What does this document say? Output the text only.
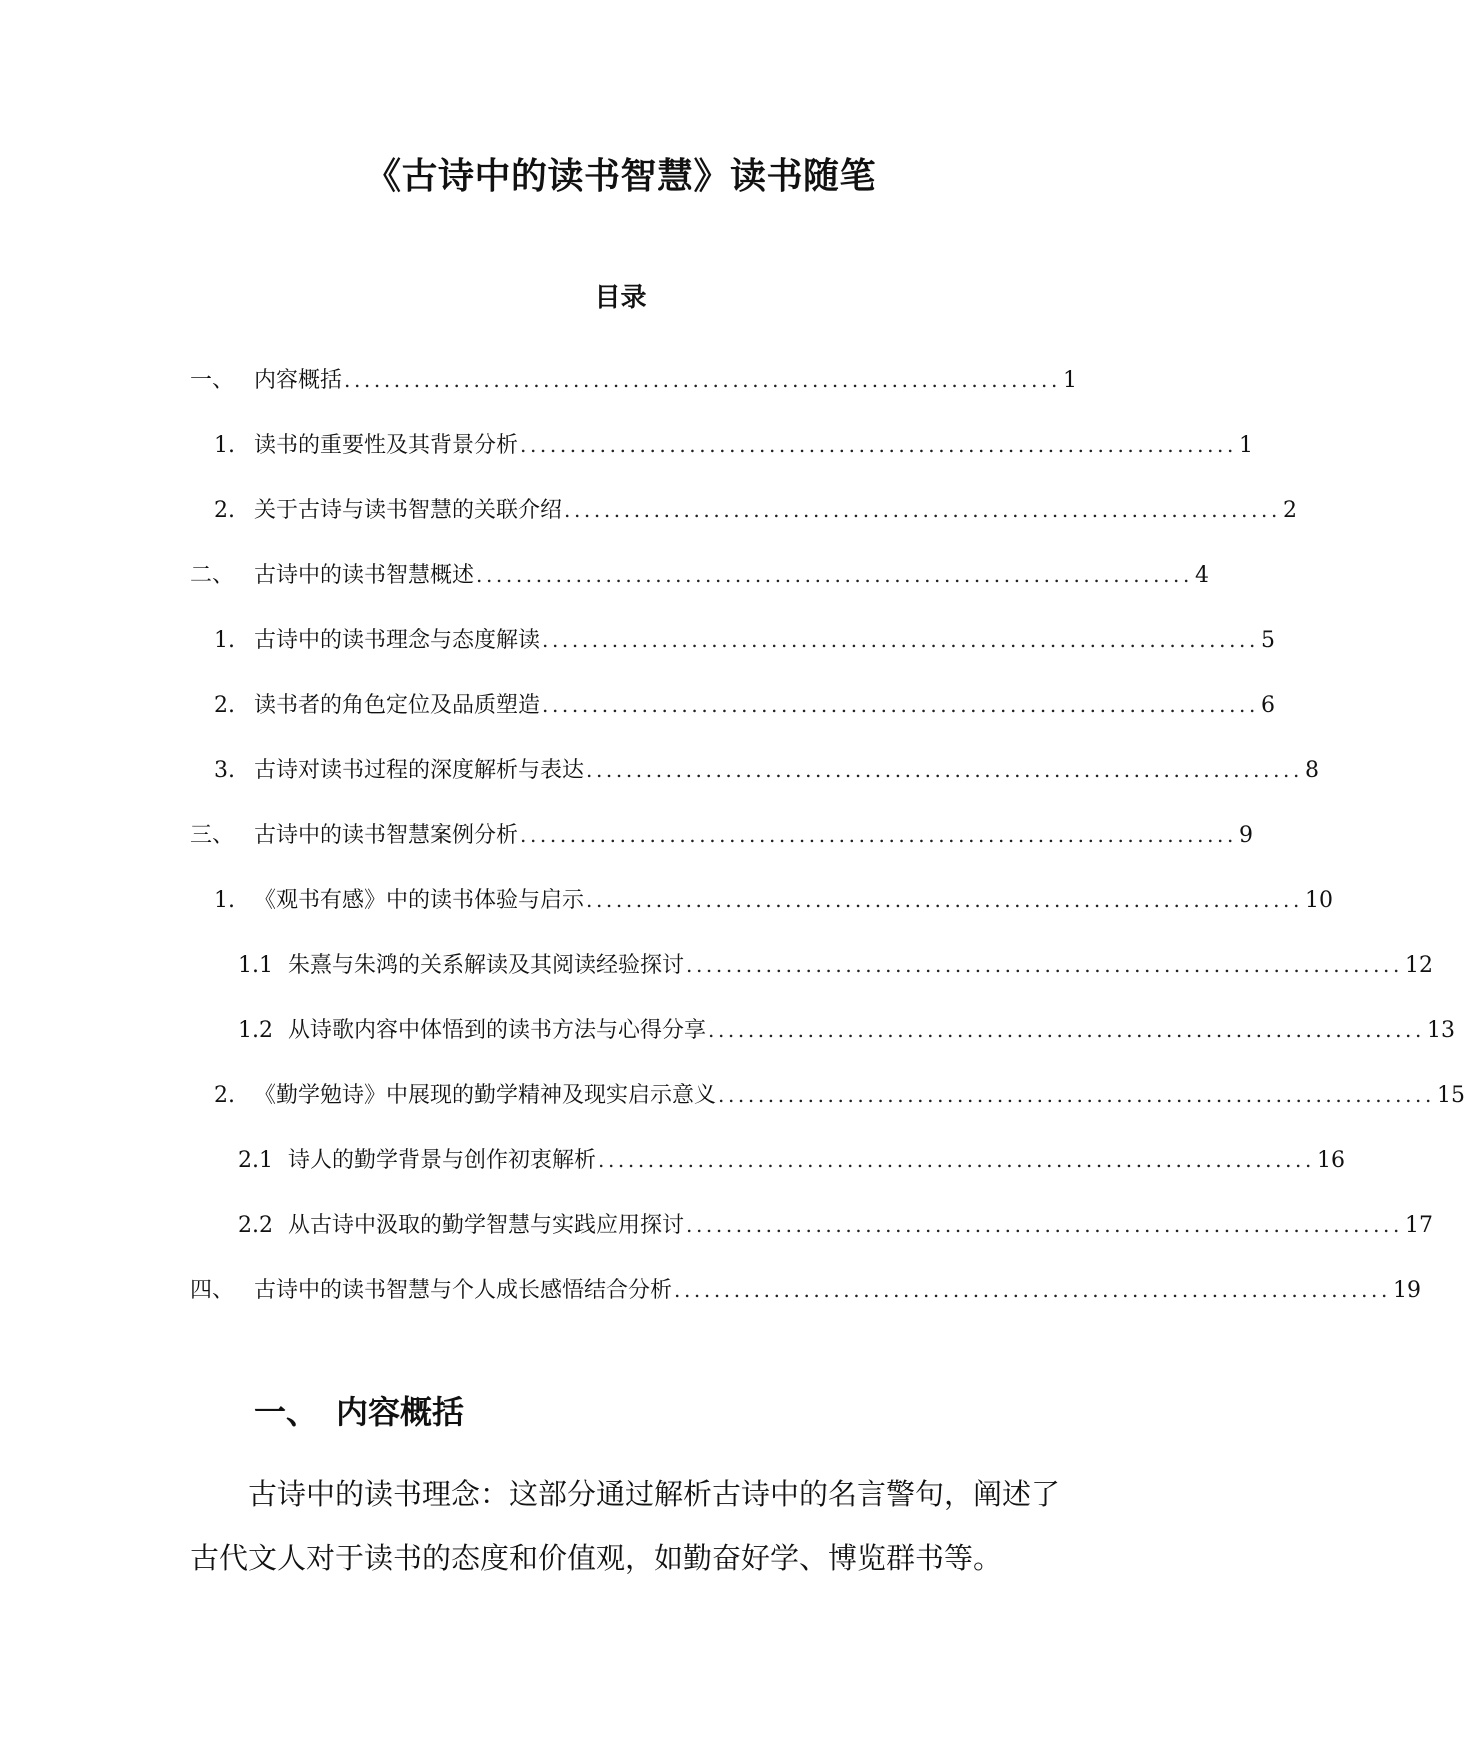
《古诗中的读书智慧》读书随笔
目录
一、 内容概括 ........................................................................ 1
1. 读书的重要性及其背景分析 ........................................................................ 1
2. 关于古诗与读书智慧的关联介绍 ........................................................................ 2
二、 古诗中的读书智慧概述 ........................................................................ 4
1. 古诗中的读书理念与态度解读 ........................................................................ 5
2. 读书者的角色定位及品质塑造 ........................................................................ 6
3. 古诗对读书过程的深度解析与表达 ........................................................................ 8
三、 古诗中的读书智慧案例分析 ........................................................................ 9
1. 《观书有感》中的读书体验与启示 ........................................................................ 10
1.1 朱熹与朱鸿的关系解读及其阅读经验探讨 ........................................................................ 12
1.2 从诗歌内容中体悟到的读书方法与心得分享 ........................................................................ 13
2. 《勤学勉诗》中展现的勤学精神及现实启示意义 ........................................................................ 15
2.1 诗人的勤学背景与创作初衷解析 ........................................................................ 16
2.2 从古诗中汲取的勤学智慧与实践应用探讨 ........................................................................ 17
四、 古诗中的读书智慧与个人成长感悟结合分析 ........................................................................ 19
一、 内容概括
古诗中的读书理念：这部分通过解析古诗中的名言警句，阐述了古代文人对于读书的态度和价值观，如勤奋好学、博览群书等。
